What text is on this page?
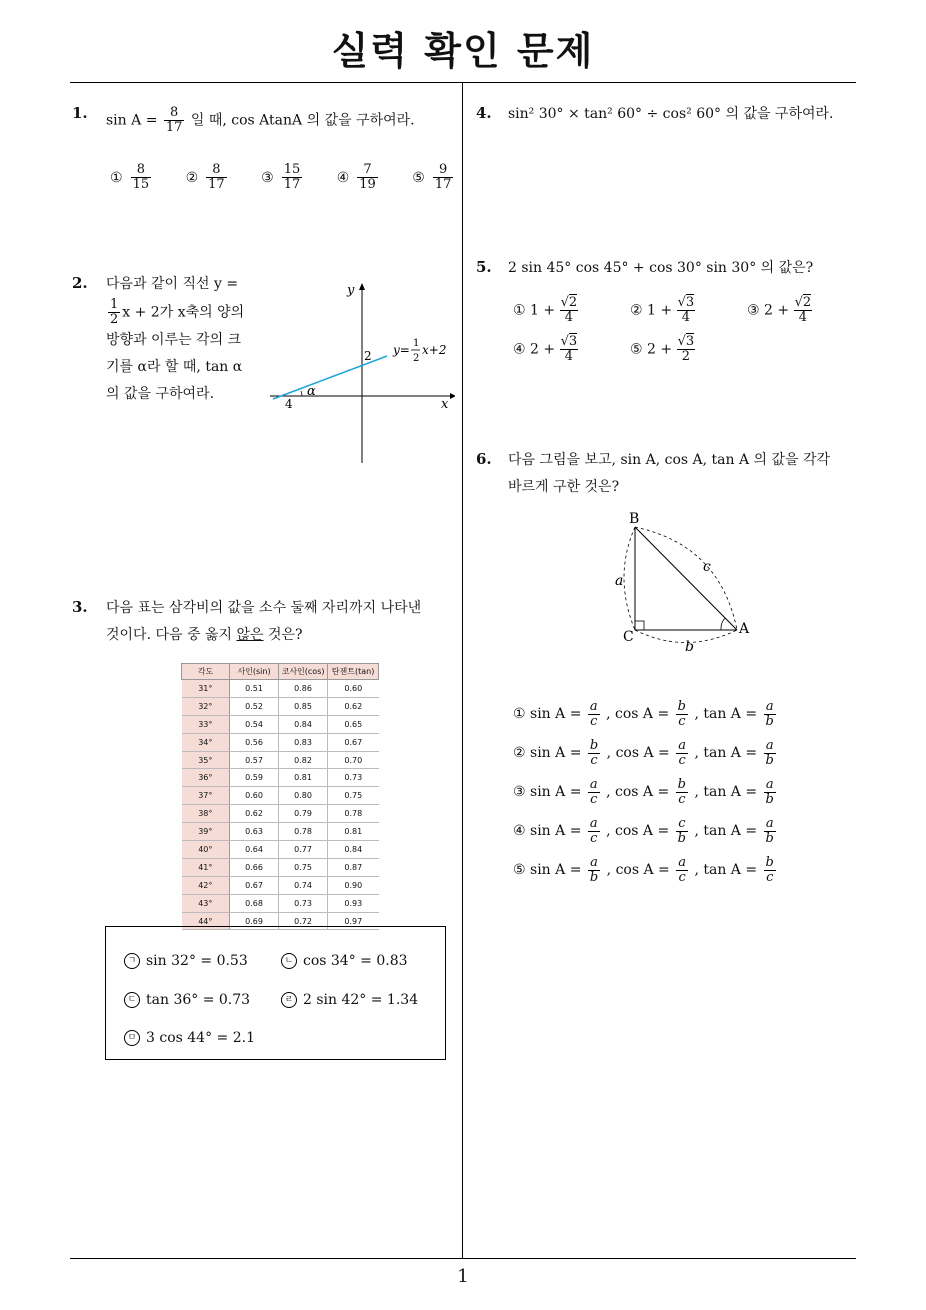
실력 확인 문제
1
1. $\sin A = \frac{8}{17}$ 일 때, cos AtanA 의 값을 구하여라.
① $\frac{8}{15}$ ② $\frac{8}{17}$ ③ $\frac{15}{17}$ ④ $\frac{7}{19}$ ⑤ $\frac{9}{17}$
2. 다음과 같이 직선 y =
$\frac{1}{2}$ x + 2가 x축의 양의
방향과 이루는 각의 크
기를 α라 할 때, tan α
의 값을 구하여라.
y
x
2
4
α
y= 1
2
x+2
3. 다음 표는 삼각비의 값을 소수 둘째 자리까지 나타낸
것이다. 다음 중 옳지 않은 것은?
각도	사인(sin)	코사인(cos)	탄젠트(tan)
31°	0.51	0.86	0.60
32°	0.52	0.85	0.62
33°	0.54	0.84	0.65
34°	0.56	0.83	0.67
35°	0.57	0.82	0.70
36°	0.59	0.81	0.73
37°	0.60	0.80	0.75
38°	0.62	0.79	0.78
39°	0.63	0.78	0.81
40°	0.64	0.77	0.84
41°	0.66	0.75	0.87
42°	0.67	0.74	0.90
43°	0.68	0.73	0.93
44°	0.69	0.72	0.97
ㄱ sin 32° = 0.53	ㄴ cos 34° = 0.83
ㄷ tan 36° = 0.73	ㄹ 2 sin 42° = 1.34
ㅁ 3 cos 44° = 2.1
4. sin² 30° × tan² 60° ÷ cos² 60° 의 값을 구하여라.
5. 2 sin 45° cos 45° + cos 30° sin 30° 의 값은?
① $1 + \frac{√2}{4}$	② $1 + \frac{√3}{4}$	③ $2 + \frac{√2}{4}$
④ $2 + \frac{√3}{4}$	⑤ $2 + \frac{√3}{2}$
6. 다음 그림을 보고, sin A, cos A, tan A 의 값을 각각
바르게 구한 것은?
B
C	A
a
b
c
① $\sin A = \frac{a}{c}$ , $\cos A = \frac{b}{c}$ , $\tan A = \frac{a}{b}$
② $\sin A = \frac{b}{c}$ , $\cos A = \frac{a}{c}$ , $\tan A = \frac{a}{b}$
③ $\sin A = \frac{a}{c}$ , $\cos A = \frac{b}{c}$ , $\tan A = \frac{a}{b}$
④ $\sin A = \frac{a}{c}$ , $\cos A = \frac{c}{b}$ , $\tan A = \frac{a}{b}$
⑤ $\sin A = \frac{a}{b}$ , $\cos A = \frac{a}{c}$ , $\tan A = \frac{b}{c}$
